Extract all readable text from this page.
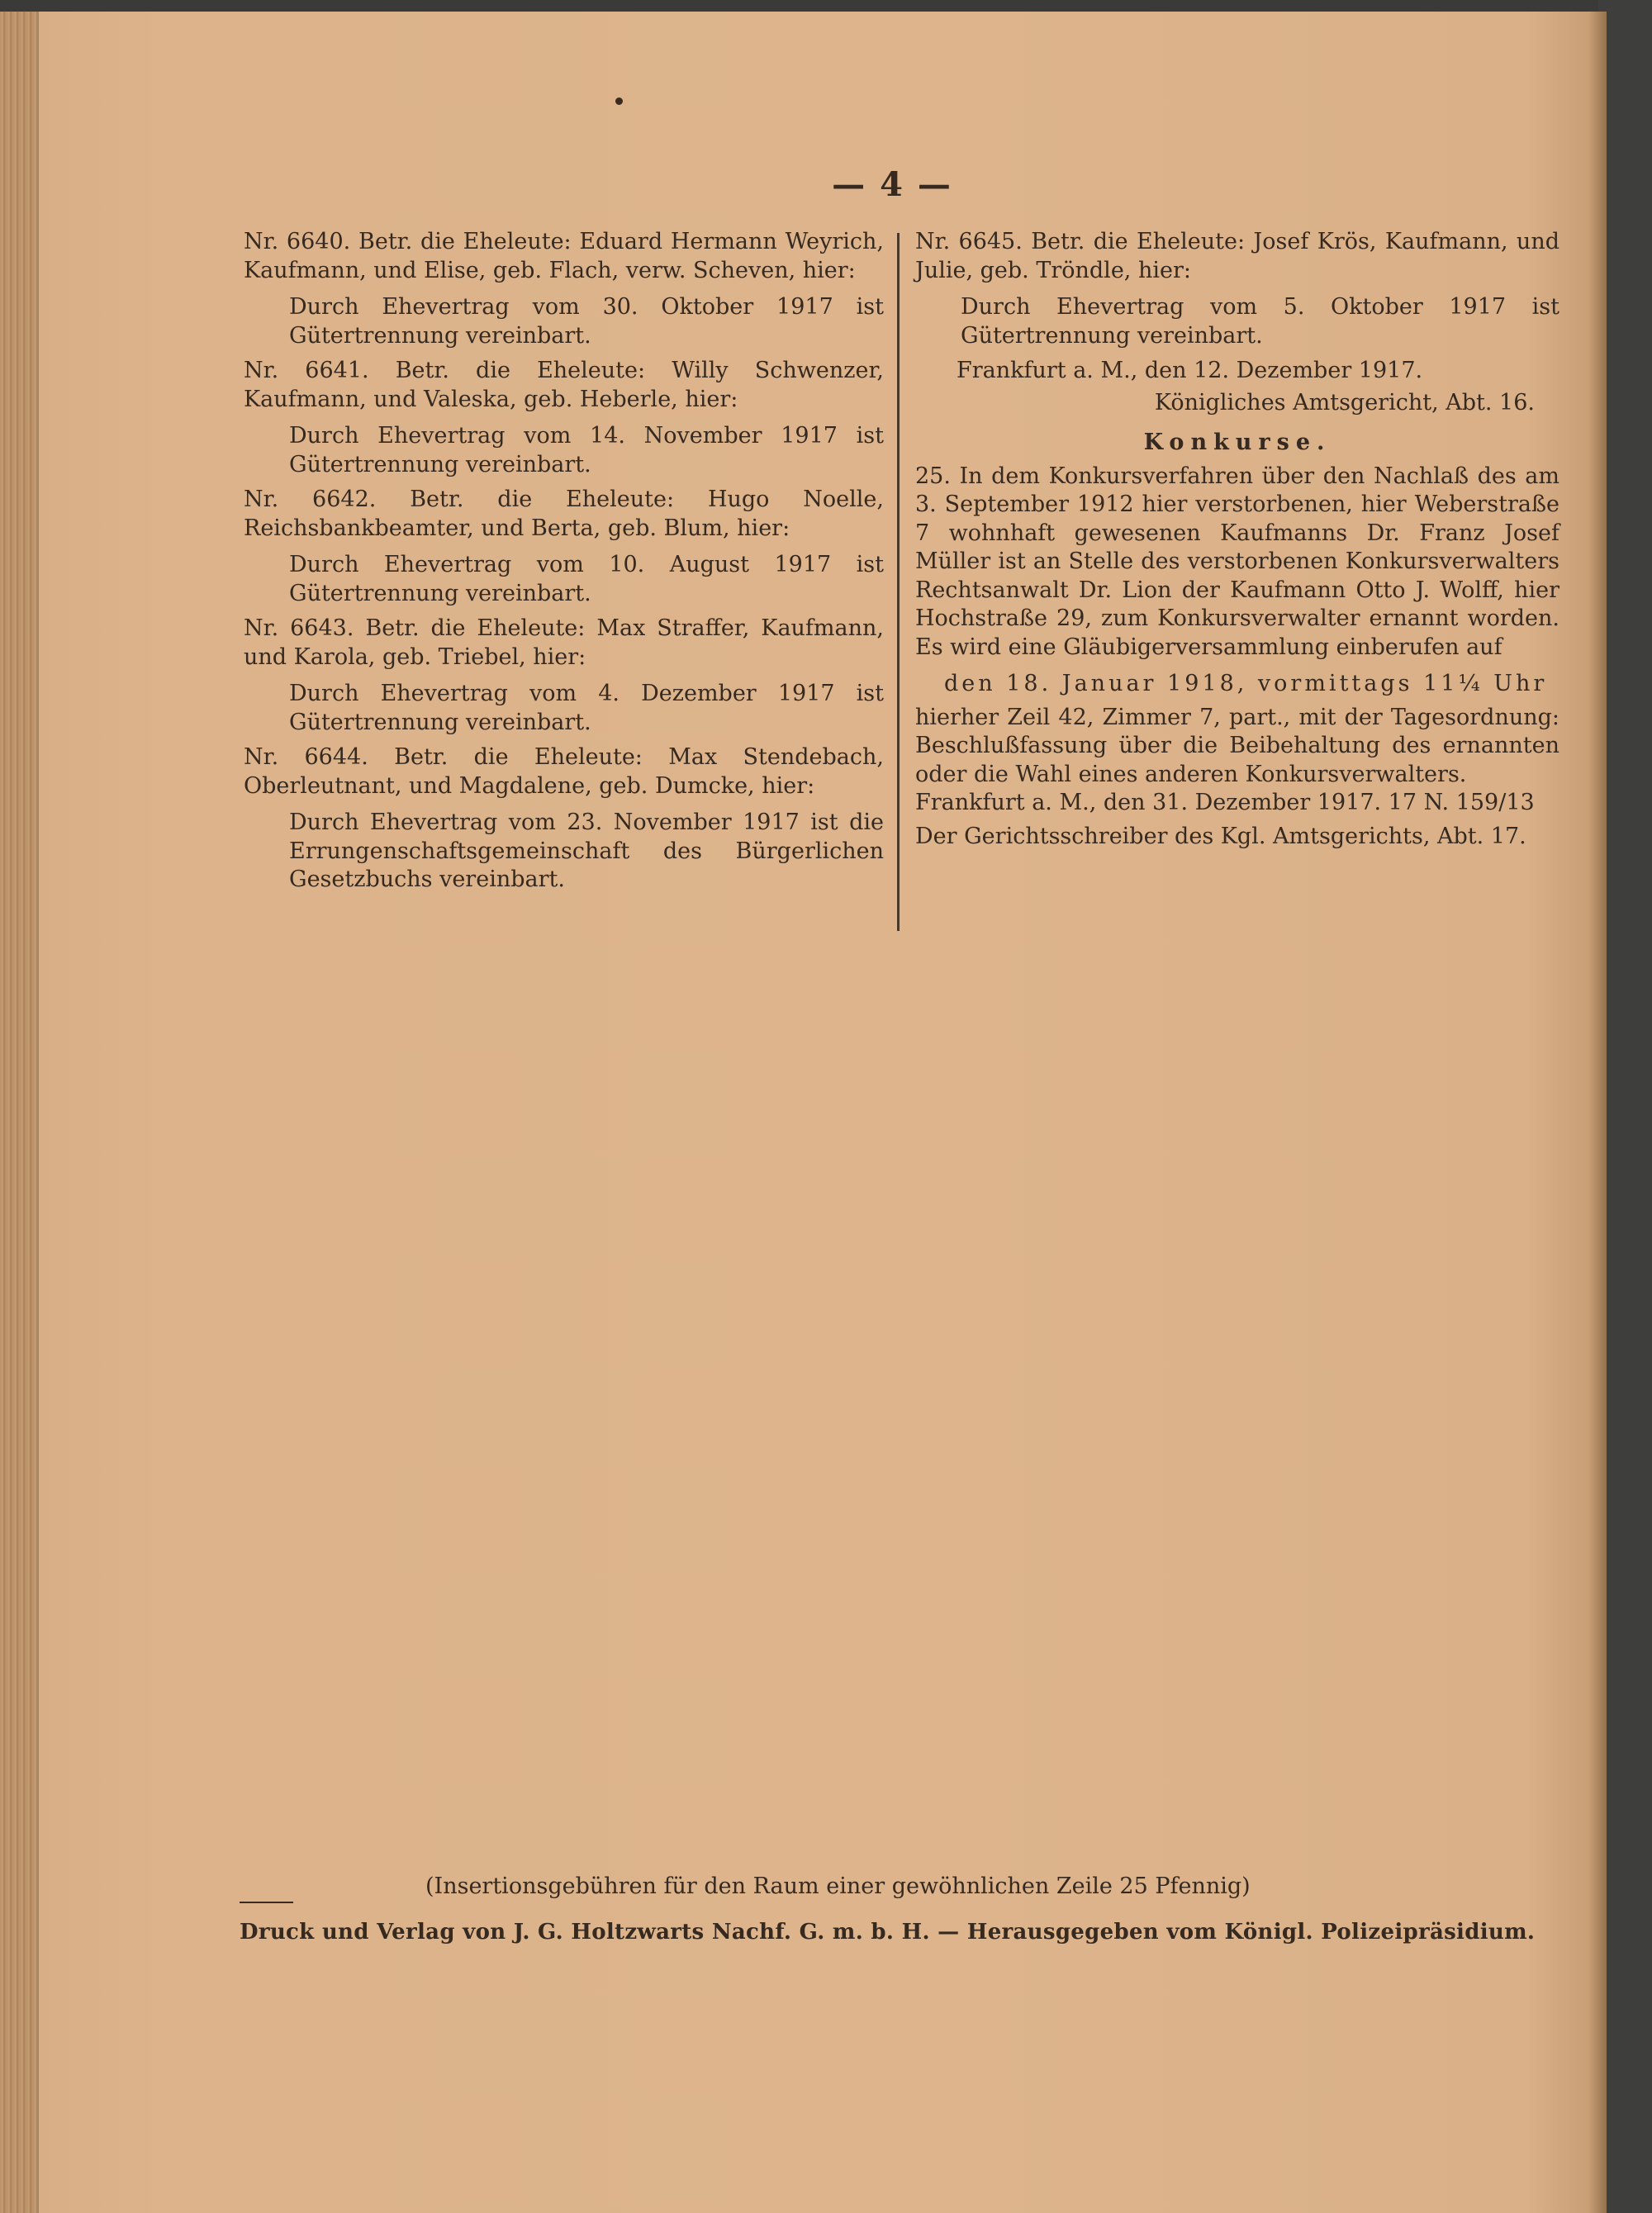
— 4 —

Nr. 6640. Betr. die Eheleute: Eduard Hermann Weyrich, Kaufmann, und Elise, geb. Flach, verw. Scheven, hier:

Durch Ehevertrag vom 30. Oktober 1917 ist Gütertrennung vereinbart.

Nr. 6641. Betr. die Eheleute: Willy Schwenzer, Kaufmann, und Valeska, geb. Heberle, hier:

Durch Ehevertrag vom 14. November 1917 ist Gütertrennung vereinbart.

Nr. 6642. Betr. die Eheleute: Hugo Noelle, Reichsbankbeamter, und Berta, geb. Blum, hier:

Durch Ehevertrag vom 10. August 1917 ist Gütertrennung vereinbart.

Nr. 6643. Betr. die Eheleute: Max Straffer, Kaufmann, und Karola, geb. Triebel, hier:

Durch Ehevertrag vom 4. Dezember 1917 ist Gütertrennung vereinbart.

Nr. 6644. Betr. die Eheleute: Max Stendebach, Oberleutnant, und Magdalene, geb. Dumcke, hier:

Durch Ehevertrag vom 23. November 1917 ist die Errungenschaftsgemeinschaft des Bürgerlichen Gesetzbuchs vereinbart.

Nr. 6645. Betr. die Eheleute: Josef Krös, Kaufmann, und Julie, geb. Tröndle, hier:

Durch Ehevertrag vom 5. Oktober 1917 ist Gütertrennung vereinbart.

Frankfurt a. M., den 12. Dezember 1917.

Königliches Amtsgericht, Abt. 16.

Konkurse.

25. In dem Konkursverfahren über den Nachlaß des am 3. September 1912 hier verstorbenen, hier Weberstraße 7 wohnhaft gewesenen Kaufmanns Dr. Franz Josef Müller ist an Stelle des verstorbenen Konkursverwalters Rechtsanwalt Dr. Lion der Kaufmann Otto J. Wolff, hier Hochstraße 29, zum Konkursverwalter ernannt worden. Es wird eine Gläubigerversammlung einberufen auf

den 18. Januar 1918, vormittags 11¼ Uhr

hierher Zeil 42, Zimmer 7, part., mit der Tagesordnung: Beschlußfassung über die Beibehaltung des ernannten oder die Wahl eines anderen Konkursverwalters.

Frankfurt a. M., den 31. Dezember 1917. 17 N. 159/13

Der Gerichtsschreiber des Kgl. Amtsgerichts, Abt. 17.

(Insertionsgebühren für den Raum einer gewöhnlichen Zeile 25 Pfennig)
Druck und Verlag von J. G. Holtzwarts Nachf. G. m. b. H. — Herausgegeben vom Königl. Polizeipräsidium.
